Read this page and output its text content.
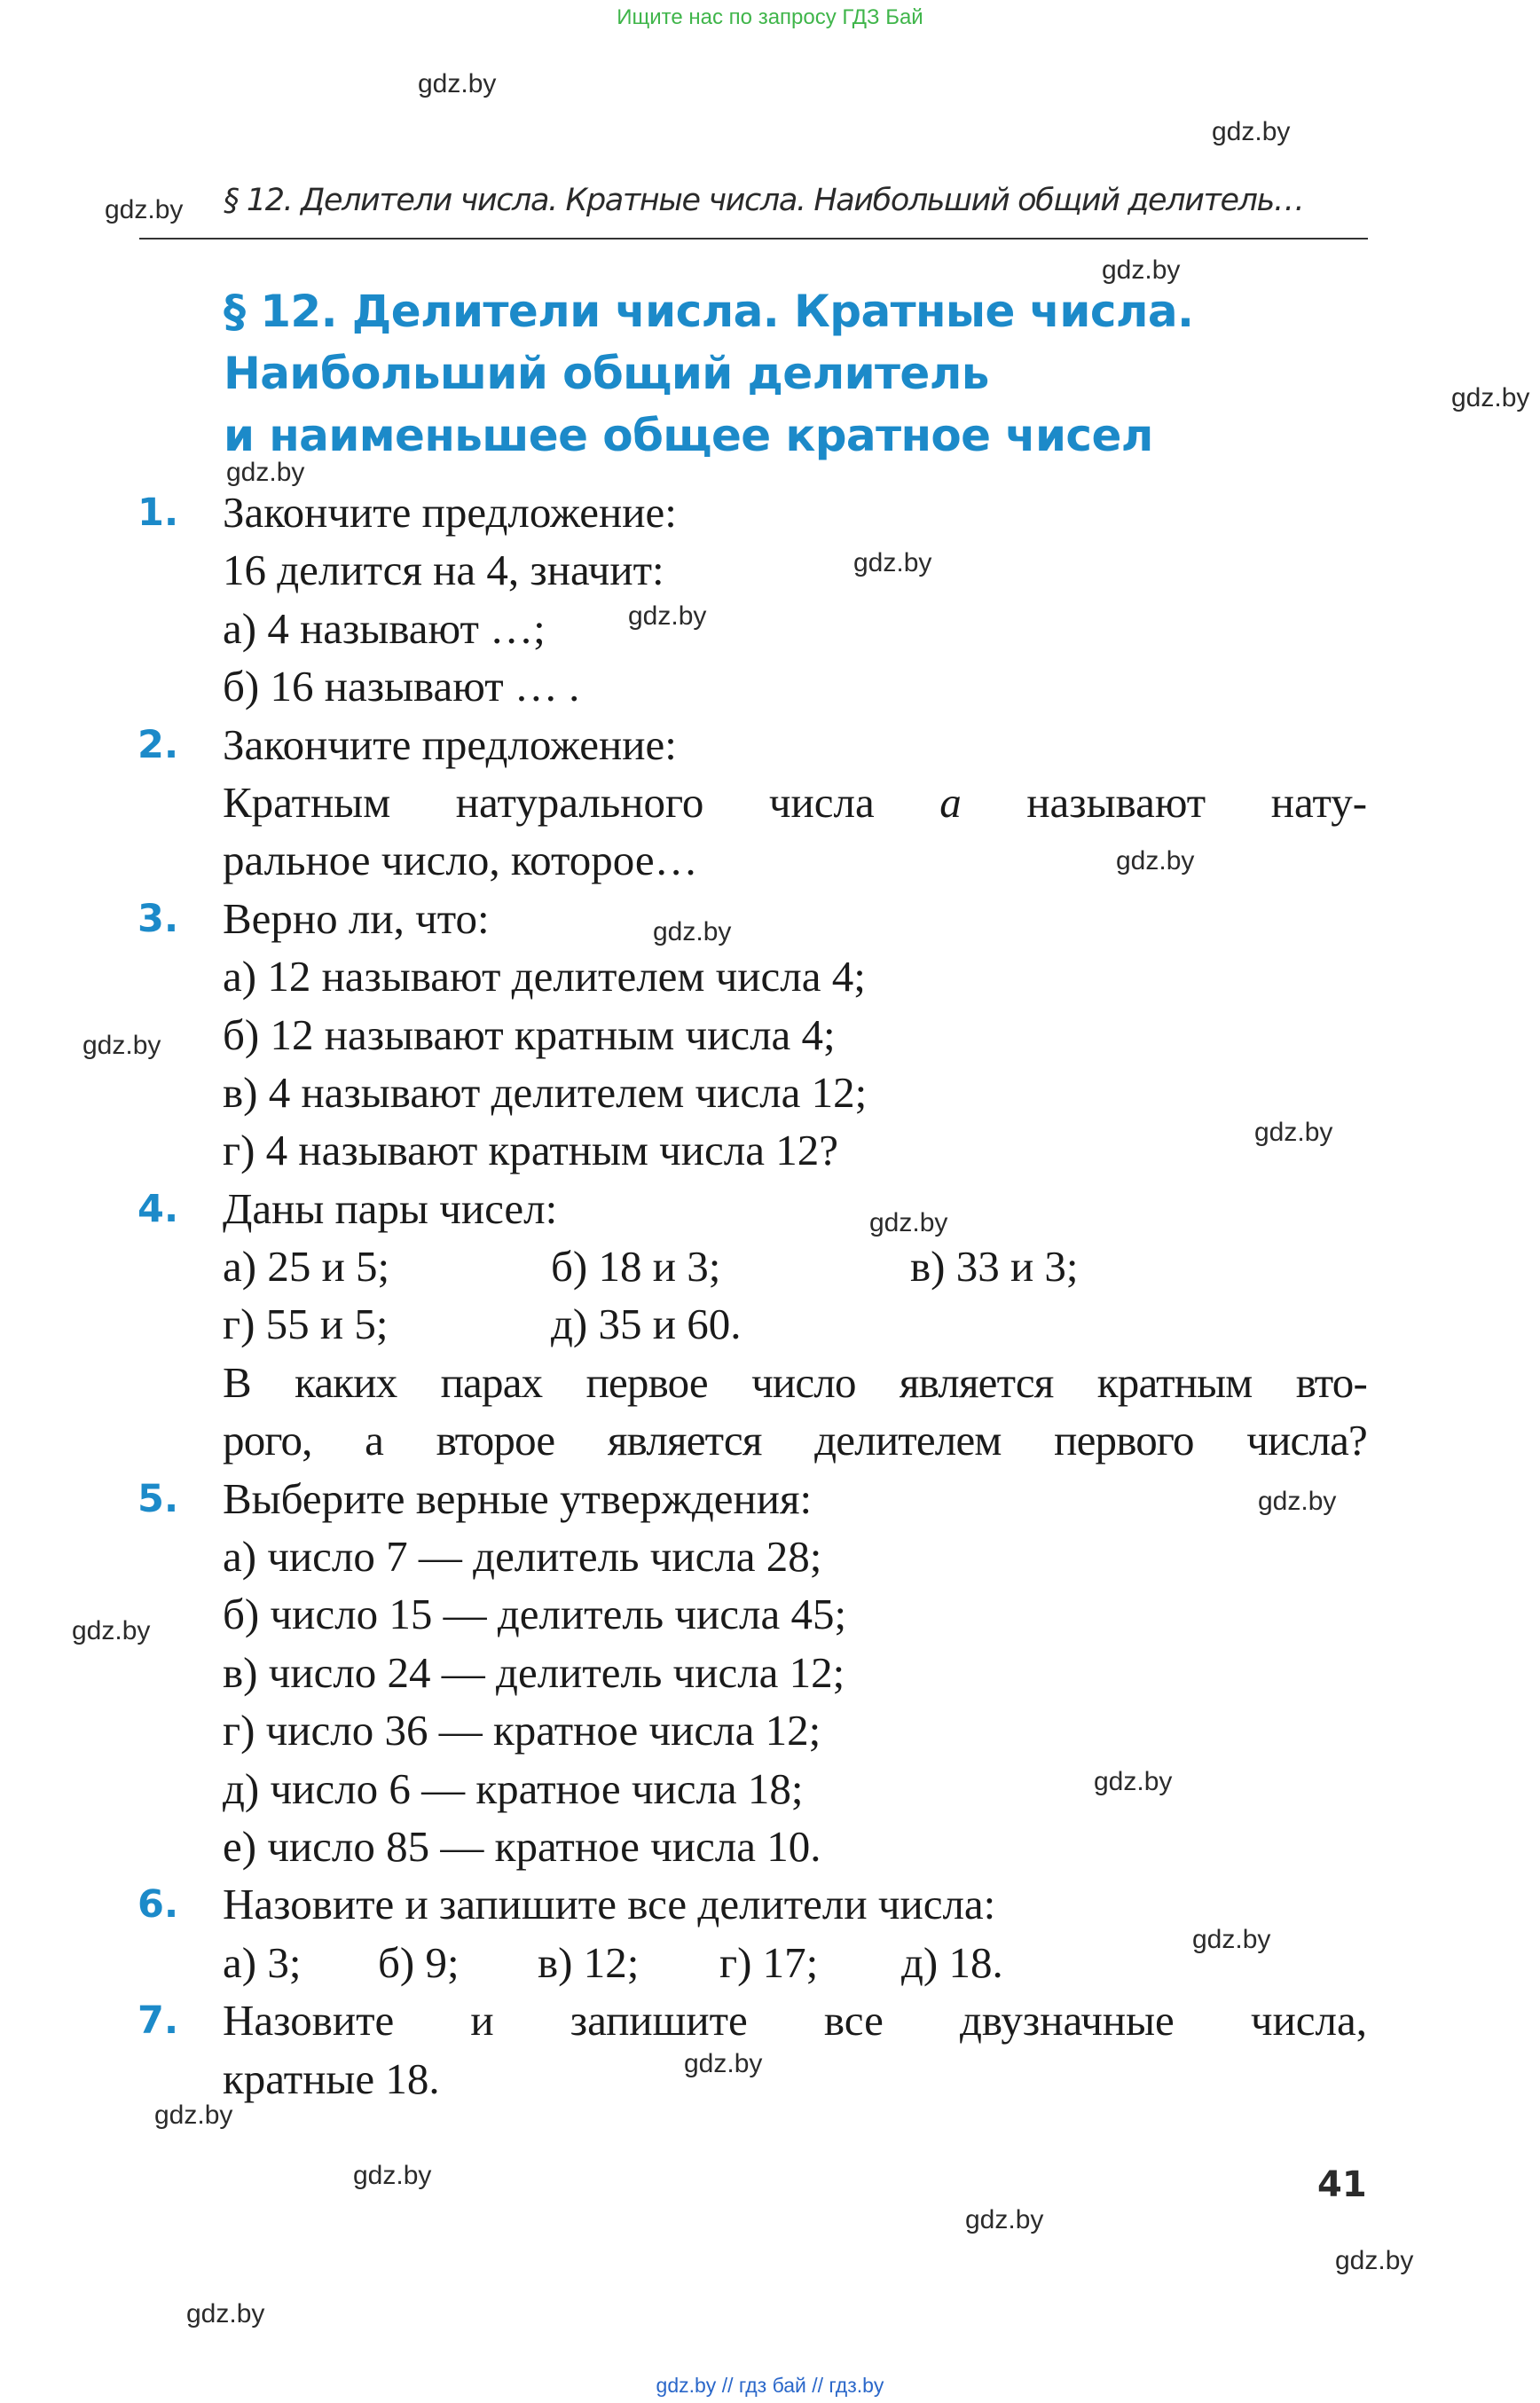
Ищите нас по запросу ГДЗ Бай
gdz.by
gdz.by
gdz.by
gdz.by
gdz.by
gdz.by
gdz.by
gdz.by
gdz.by
gdz.by
gdz.by
gdz.by
gdz.by
gdz.by
gdz.by
gdz.by
gdz.by
gdz.by
gdz.by
gdz.by
gdz.by
gdz.by
gdz.by
§ 12. Делители числа. Кратные числа. Наибольший общий делитель…
§ 12. Делители числа. Кратные числа.
Наибольший общий делитель
и наименьшее общее кратное чисел
1.	Закончите предложение:
16 делится на 4, значит:
а) 4 называют …;
б) 16 называют … .
2.	Закончите предложение:
Кратным натурального числа a называют нату-
ральное число, которое…
3.	Верно ли, что:
а) 12 называют делителем числа 4;
б) 12 называют кратным числа 4;
в) 4 называют делителем числа 12;
г) 4 называют кратным числа 12?
4.	Даны пары чисел:
а) 25 и 5;	б) 18 и 3;	в) 33 и 3;
г) 55 и 5;	д) 35 и 60.
В каких парах первое число является кратным вто-
рого, а второе является делителем первого числа?
5.	Выберите верные утверждения:
а) число 7 — делитель числа 28;
б) число 15 — делитель числа 45;
в) число 24 — делитель числа 12;
г) число 36 — кратное числа 12;
д) число 6 — кратное числа 18;
е) число 85 — кратное числа 10.
6.	Назовите и запишите все делители числа:
а) 3; б) 9; в) 12; г) 17; д) 18.
7.	Назовите и запишите все двузначные числа,
кратные 18.
41
gdz.by // гдз бай // гдз.by
